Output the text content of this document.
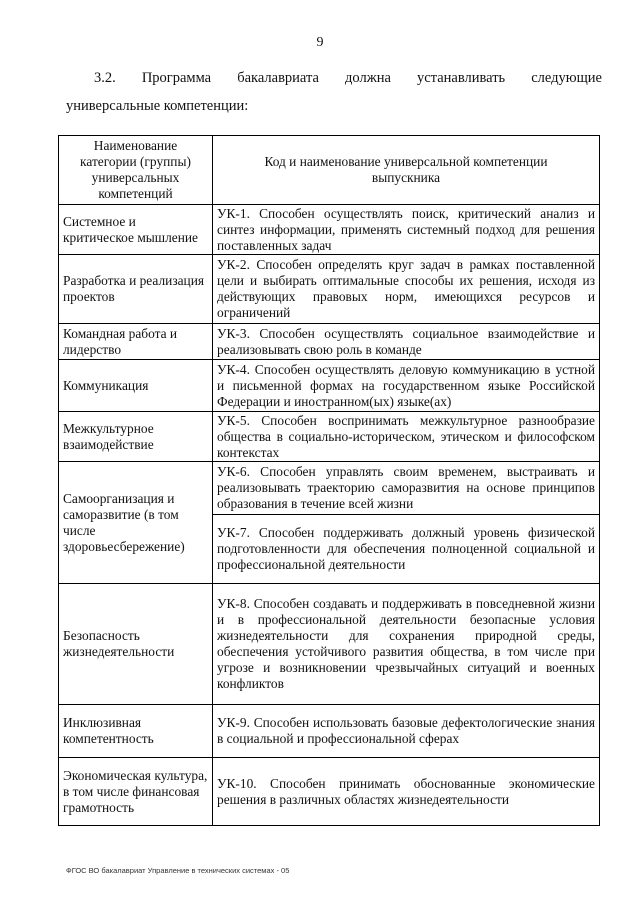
9
3.2. Программа бакалавриата должна устанавливать следующие
универсальные компетенции:
Наименование категории (группы) универсальных компетенций	Код и наименование универсальной компетенции выпускника
Системное и критическое мышление	УК-1. Способен осуществлять поиск, критический анализ и синтез информации, применять системный подход для решения поставленных задач
Разработка и реализация проектов	УК-2. Способен определять круг задач в рамках поставленной цели и выбирать оптимальные способы их решения, исходя из действующих правовых норм, имеющихся ресурсов и ограничений
Командная работа и лидерство	УК-3. Способен осуществлять социальное взаимодействие и реализовывать свою роль в команде
Коммуникация	УК-4. Способен осуществлять деловую коммуникацию в устной и письменной формах на государственном языке Российской Федерации и иностранном(ых) языке(ах)
Межкультурное взаимодействие	УК-5. Способен воспринимать межкультурное разнообразие общества в социально-историческом, этическом и философском контекстах
Самоорганизация и саморазвитие (в том числе здоровьесбережение)	УК-6. Способен управлять своим временем, выстраивать и реализовывать траекторию саморазвития на основе принципов образования в течение всей жизни
	УК-7. Способен поддерживать должный уровень физической подготовленности для обеспечения полноценной социальной и профессиональной деятельности
Безопасность жизнедеятельности	УК-8. Способен создавать и поддерживать в повседневной жизни и в профессиональной деятельности безопасные условия жизнедеятельности для сохранения природной среды, обеспечения устойчивого развития общества, в том числе при угрозе и возникновении чрезвычайных ситуаций и военных конфликтов
Инклюзивная компетентность	УК-9. Способен использовать базовые дефектологические знания в социальной и профессиональной сферах
Экономическая культура, в том числе финансовая грамотность	УК-10. Способен принимать обоснованные экономические решения в различных областях жизнедеятельности
ФГОС ВО бакалавриат Управление в технических системах - 05
